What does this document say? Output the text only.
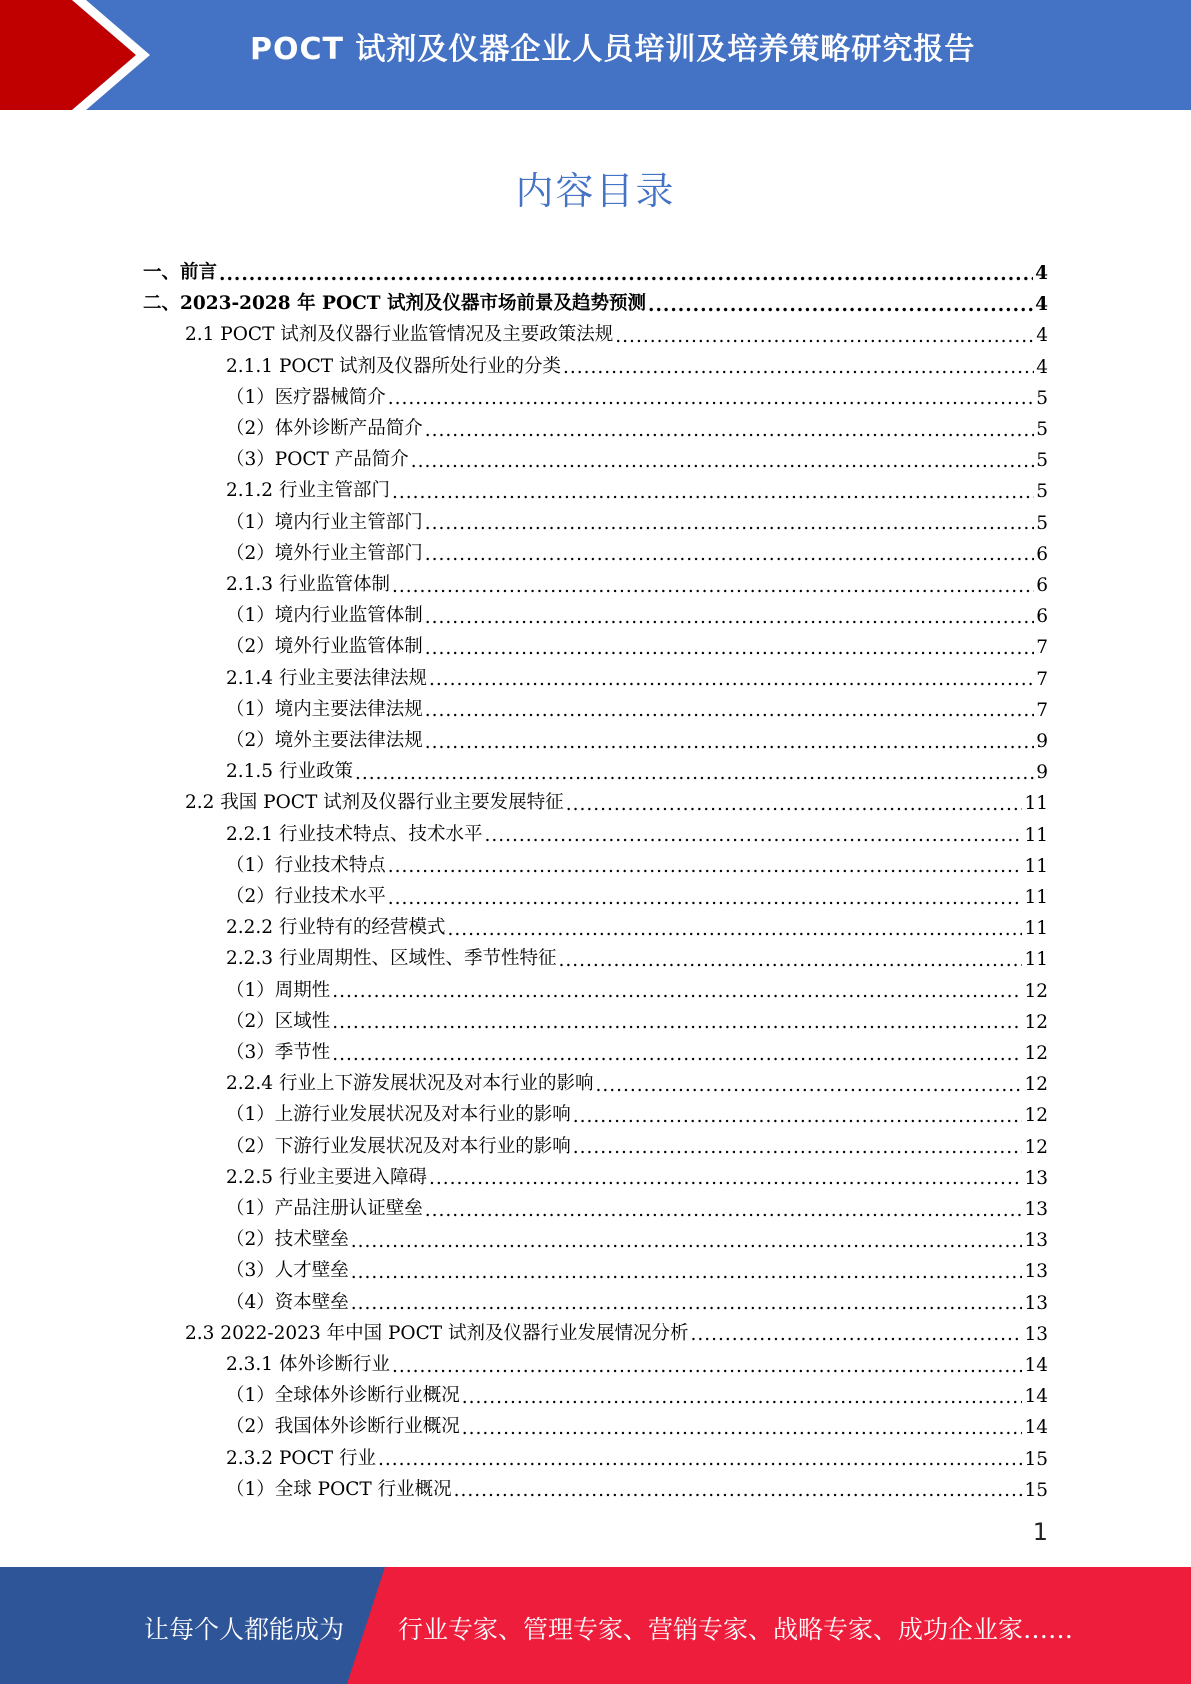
POCT 试剂及仪器企业人员培训及培养策略研究报告
内容目录
一、前言 .....	4
二、2023-2028 年 POCT 试剂及仪器市场前景及趋势预测 .....	4
2.1 POCT 试剂及仪器行业监管情况及主要政策法规 .....	4
2.1.1 POCT 试剂及仪器所处行业的分类 .....	4
（1）医疗器械简介 .....	5
（2）体外诊断产品简介 .....	5
（3）POCT 产品简介 .....	5
2.1.2 行业主管部门 .....	5
（1）境内行业主管部门 .....	5
（2）境外行业主管部门 .....	6
2.1.3 行业监管体制 .....	6
（1）境内行业监管体制 .....	6
（2）境外行业监管体制 .....	7
2.1.4 行业主要法律法规 .....	7
（1）境内主要法律法规 .....	7
（2）境外主要法律法规 .....	9
2.1.5 行业政策 .....	9
2.2 我国 POCT 试剂及仪器行业主要发展特征 .....	11
2.2.1 行业技术特点、技术水平 .....	11
（1）行业技术特点 .....	11
（2）行业技术水平 .....	11
2.2.2 行业特有的经营模式 .....	11
2.2.3 行业周期性、区域性、季节性特征 .....	11
（1）周期性 .....	12
（2）区域性 .....	12
（3）季节性 .....	12
2.2.4 行业上下游发展状况及对本行业的影响 .....	12
（1）上游行业发展状况及对本行业的影响 .....	12
（2）下游行业发展状况及对本行业的影响 .....	12
2.2.5 行业主要进入障碍 .....	13
（1）产品注册认证壁垒 .....	13
（2）技术壁垒 .....	13
（3）人才壁垒 .....	13
（4）资本壁垒 .....	13
2.3 2022-2023 年中国 POCT 试剂及仪器行业发展情况分析 .....	13
2.3.1 体外诊断行业 .....	14
（1）全球体外诊断行业概况 .....	14
（2）我国体外诊断行业概况 .....	14
2.3.2 POCT 行业 .....	15
（1）全球 POCT 行业概况 .....	15
1
让每个人都能成为 行业专家、管理专家、营销专家、战略专家、成功企业家……
